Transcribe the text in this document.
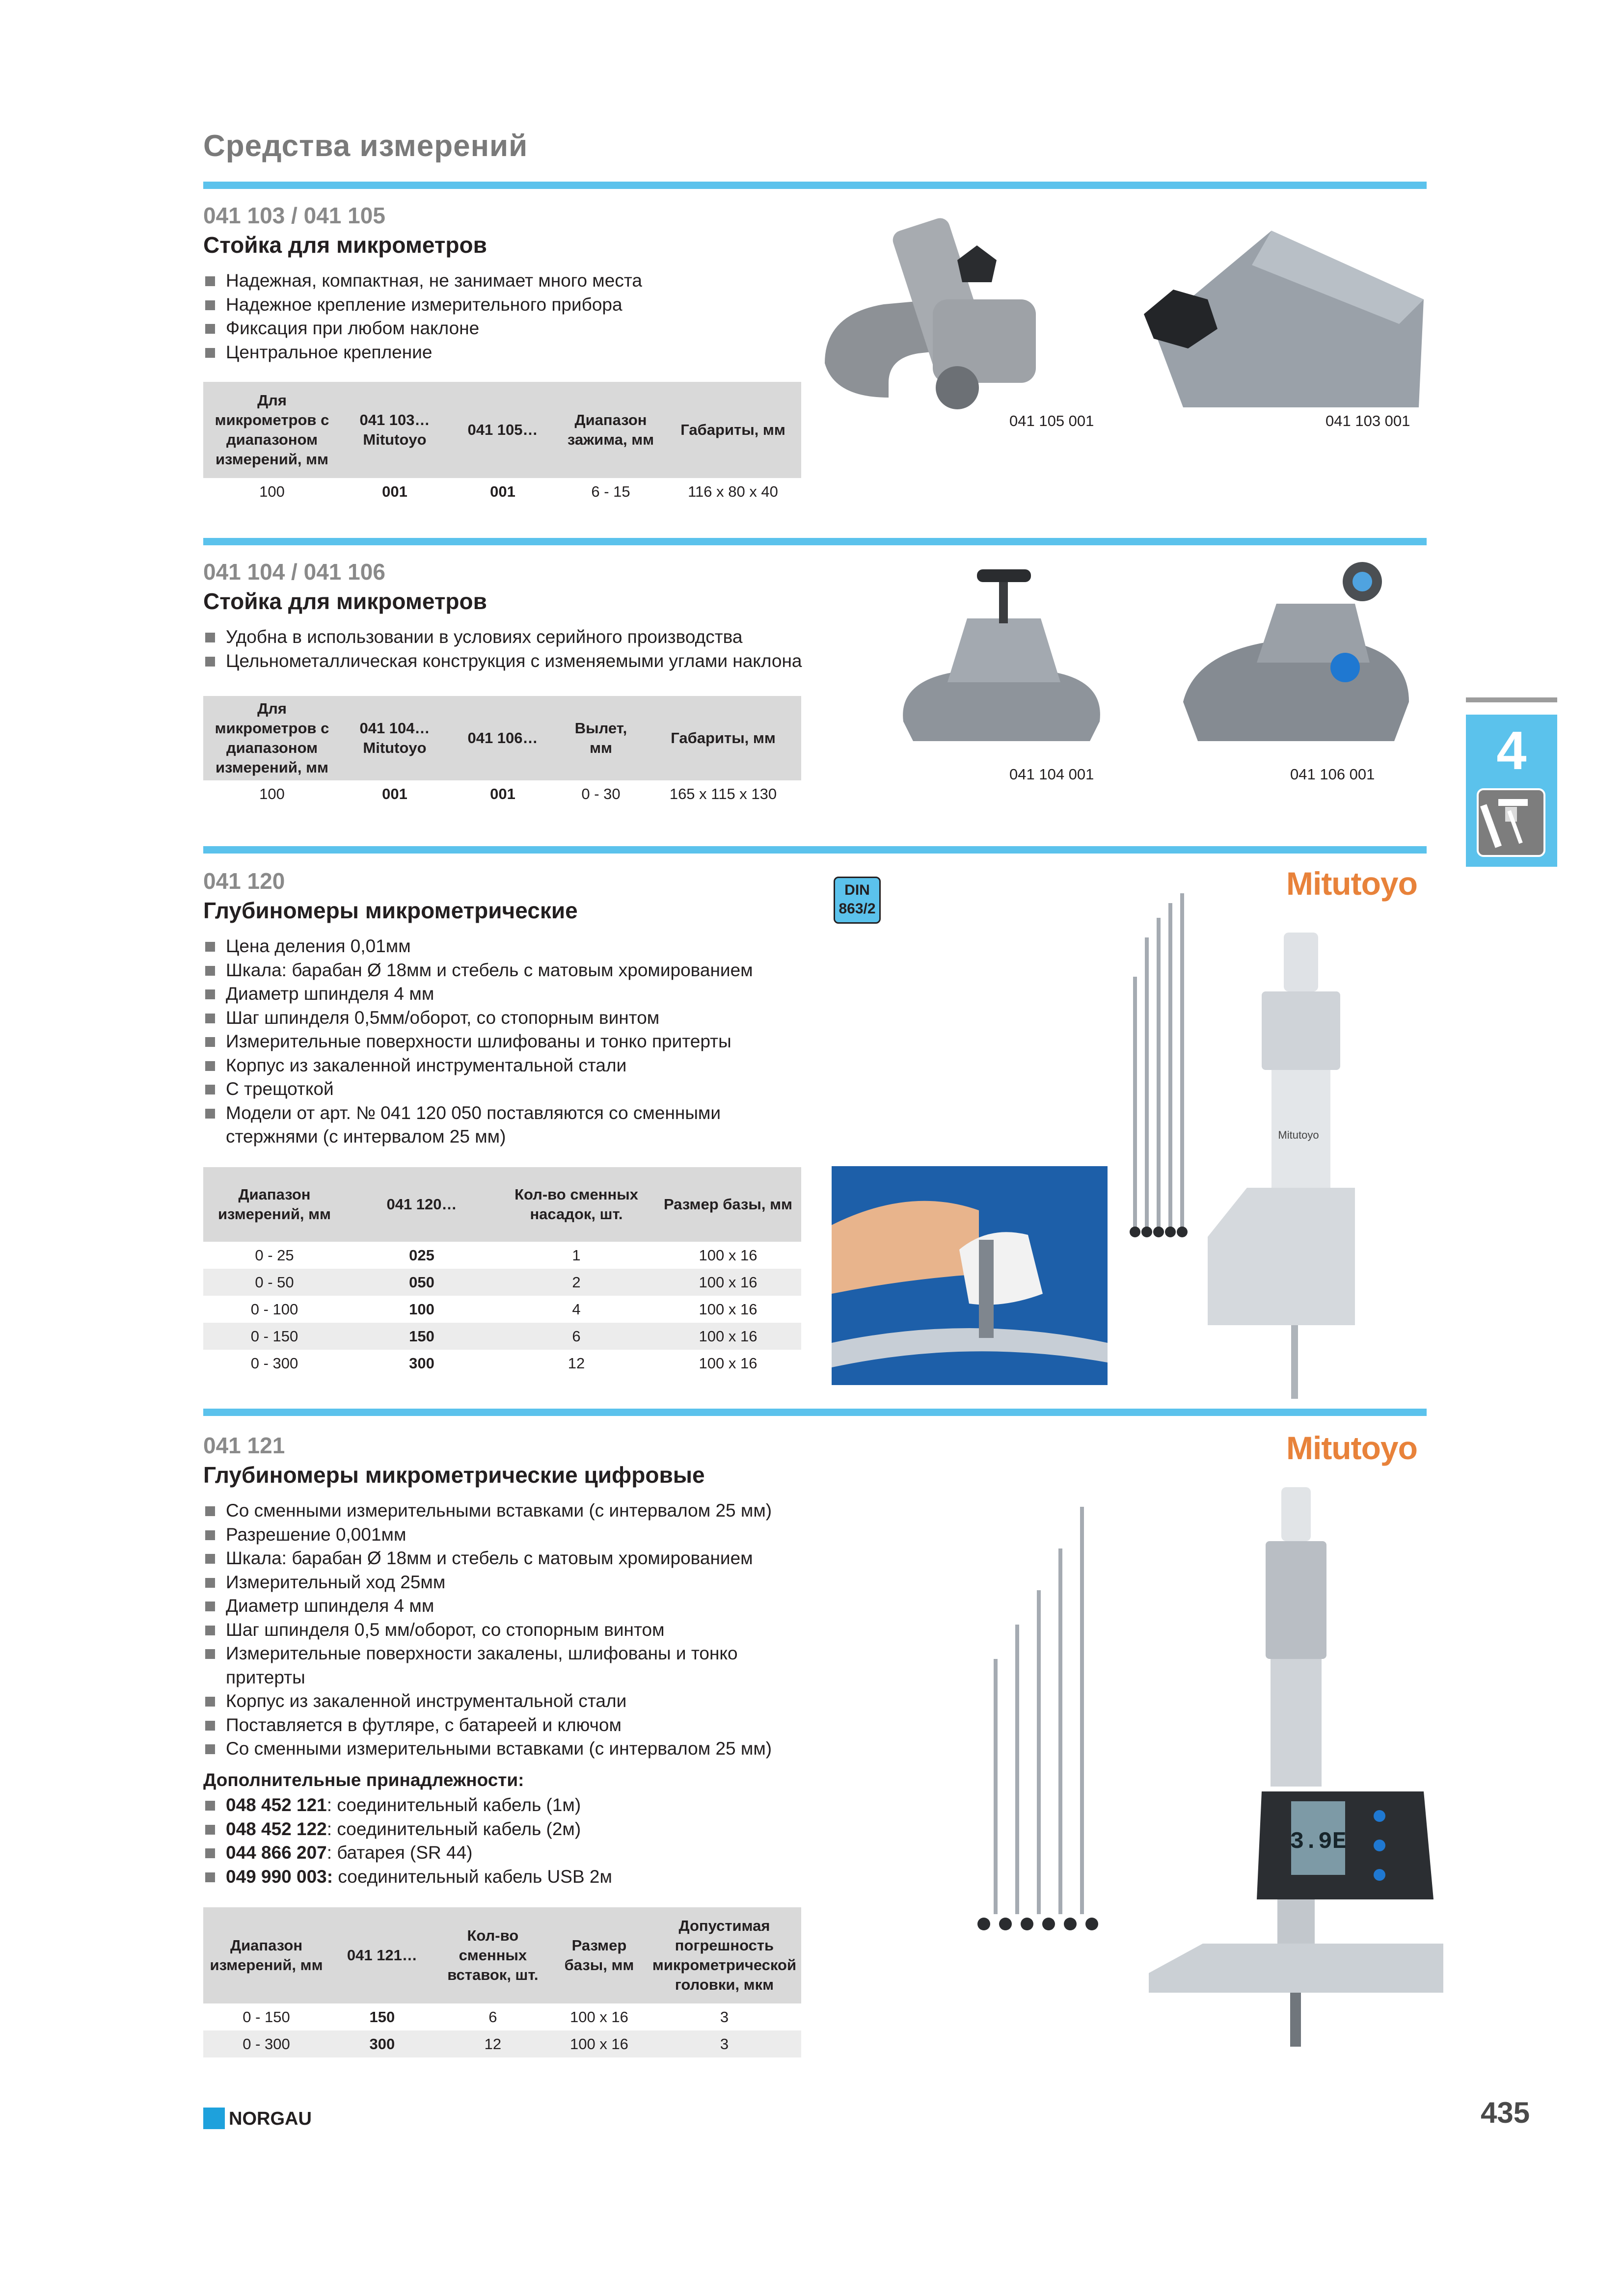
Средства измерений
041 103 / 041 105
Стойка для микрометров
Надежная, компактная, не занимает много места
Надежное крепление измерительного прибора
Фиксация при любом наклоне
Центральное крепление
Для микрометров с диапазоном измерений, мм	041 103… Mitutoyo	041 105…	Диапазон зажима, мм	Габариты, мм
100	001	001	6 - 15	116 x 80 x 40
041 105 001	041 103 001
041 104 / 041 106
Стойка для микрометров
Удобна в использовании в условиях серийного производства
Цельнометаллическая конструкция с изменяемыми углами наклона
Для микрометров с диапазоном измерений, мм	041 104… Mitutoyo	041 106…	Вылет, мм	Габариты, мм
100	001	001	0 - 30	165 x 115 x 130
041 104 001	041 106 001	4
041 120
Глубиномеры микрометрические
DIN
863/2
Mitutoyo
Цена деления 0,01мм
Шкала: барабан Ø 18мм и стебель с матовым хромированием
Диаметр шпинделя 4 мм
Шаг шпинделя 0,5мм/оборот, со стопорным винтом
Измерительные поверхности шлифованы и тонко притерты
Корпус из закаленной инструментальной стали
С трещоткой
Модели от арт. № 041 120 050 поставляются со сменными стержнями (с интервалом 25 мм)
Диапазон измерений, мм	041 120…	Кол-во сменных насадок, шт.	Размер базы, мм
0 - 25	025	1	100 x 16
0 - 50	050	2	100 x 16
0 - 100	100	4	100 x 16
0 - 150	150	6	100 x 16
0 - 300	300	12	100 x 16
Mitutoyo
041 121
Глубиномеры микрометрические цифровые
Mitutoyo
Со сменными измерительными вставками (с интервалом 25 мм)
Разрешение 0,001мм
Шкала: барабан Ø 18мм и стебель с матовым хромированием
Измерительный ход 25мм
Диаметр шпинделя 4 мм
Шаг шпинделя 0,5 мм/оборот, со стопорным винтом
Измерительные поверхности закалены, шлифованы и тонко притерты
Корпус из закаленной инструментальной стали
Поставляется в футляре, с батареей и ключом
Со сменными измерительными вставками (с интервалом 25 мм)
Дополнительные принадлежности:
048 452 121: соединительный кабель (1м)
048 452 122: соединительный кабель (2м)
044 866 207: батарея (SR 44)
049 990 003: соединительный кабель USB 2м
Диапазон измерений, мм	041 121…	Кол-во сменных вставок, шт.	Размер базы, мм	Допустимая погрешность микрометрической головки, мкм
0 - 150	150	6	100 x 16	3
0 - 300	300	12	100 x 16	3
3.9E
NORGAU	435
